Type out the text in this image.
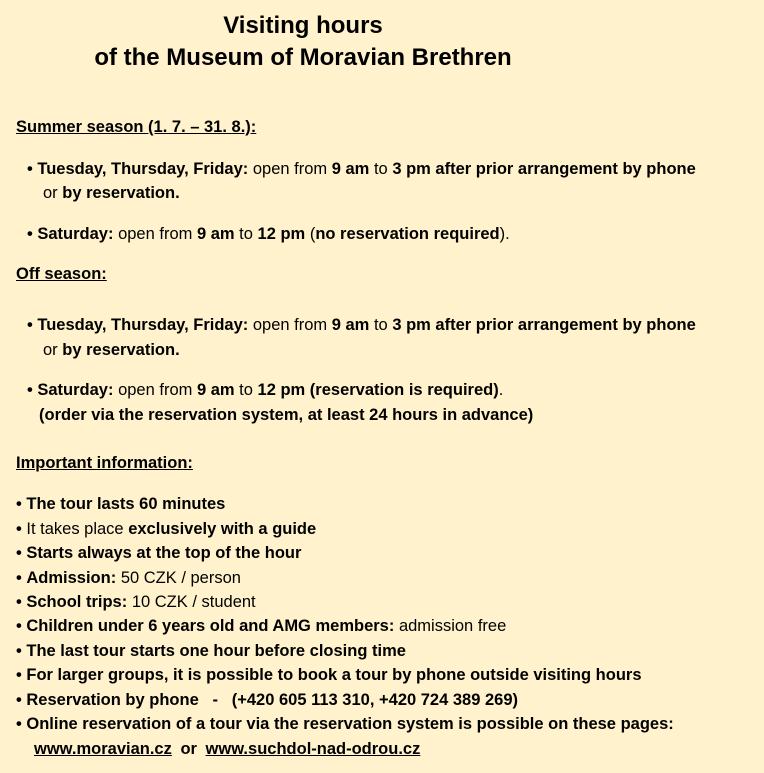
Visiting hours
of the Museum of Moravian Brethren
Summer season (1. 7. – 31. 8.):
• Tuesday, Thursday, Friday: open from 9 am to 3 pm after prior arrangement by phone
or by reservation.
• Saturday: open from 9 am to 12 pm (no reservation required).
Off season:
• Tuesday, Thursday, Friday: open from 9 am to 3 pm after prior arrangement by phone
or by reservation.
• Saturday: open from 9 am to 12 pm (reservation is required).
(order via the reservation system, at least 24 hours in advance)
Important information:
• The tour lasts 60 minutes
• It takes place exclusively with a guide
• Starts always at the top of the hour
• Admission: 50 CZK / person
• School trips: 10 CZK / student
• Children under 6 years old and AMG members: admission free
• The last tour starts one hour before closing time
• For larger groups, it is possible to book a tour by phone outside visiting hours
• Reservation by phone   -   (+420 605 113 310, +420 724 389 269)
• Online reservation of a tour via the reservation system is possible on these pages:
www.moravian.cz or www.suchdol-nad-odrou.cz
